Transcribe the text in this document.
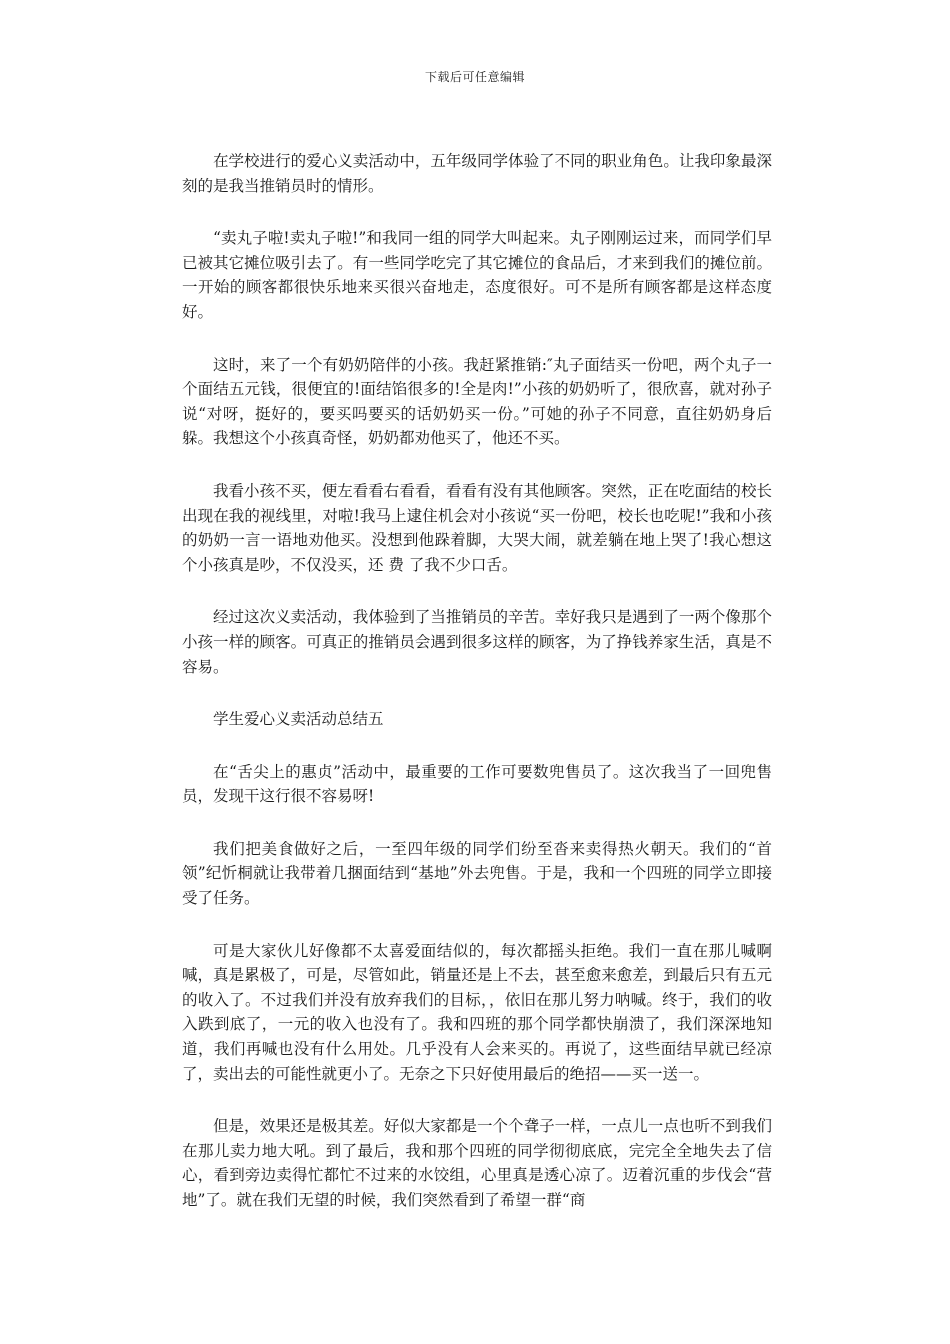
下载后可任意编辑

在学校进行的爱心义卖活动中，五年级同学体验了不同的职业角色。让我印象最深刻的是我当推销员时的情形。

“卖丸子啦!卖丸子啦!”和我同一组的同学大叫起来。丸子刚刚运过来，而同学们早已被其它摊位吸引去了。有一些同学吃完了其它摊位的食品后，才来到我们的摊位前。一开始的顾客都很快乐地来买很兴奋地走，态度很好。可不是所有顾客都是这样态度好。

这时，来了一个有奶奶陪伴的小孩。我赶紧推销:″丸子面结买一份吧，两个丸子一个面结五元钱，很便宜的!面结馅很多的!全是肉!”小孩的奶奶听了，很欣喜，就对孙子说“对呀，挺好的，要买吗要买的话奶奶买一份。”可她的孙子不同意，直往奶奶身后躲。我想这个小孩真奇怪，奶奶都劝他买了，他还不买。

我看小孩不买，便左看看右看看，看看有没有其他顾客。突然，正在吃面结的校长出现在我的视线里，对啦!我马上逮住机会对小孩说“买一份吧，校长也吃呢!”我和小孩的奶奶一言一语地劝他买。没想到他跺着脚，大哭大闹，就差躺在地上哭了!我心想这个小孩真是吵，不仅没买，还 费 了我不少口舌。

经过这次义卖活动，我体验到了当推销员的辛苦。幸好我只是遇到了一两个像那个小孩一样的顾客。可真正的推销员会遇到很多这样的顾客，为了挣钱养家生活，真是不容易。

学生爱心义卖活动总结五

在“舌尖上的惠贞”活动中，最重要的工作可要数兜售员了。这次我当了一回兜售员，发现干这行很不容易呀!

我们把美食做好之后，一至四年级的同学们纷至沓来卖得热火朝天。我们的“首领”纪忻桐就让我带着几捆面结到“基地”外去兜售。于是，我和一个四班的同学立即接受了任务。

可是大家伙儿好像都不太喜爱面结似的，每次都摇头拒绝。我们一直在那儿喊啊喊，真是累极了，可是，尽管如此，销量还是上不去，甚至愈来愈差，到最后只有五元的收入了。不过我们并没有放弃我们的目标，，依旧在那儿努力呐喊。终于，我们的收入跌到底了，一元的收入也没有了。我和四班的那个同学都快崩溃了，我们深深地知道，我们再喊也没有什么用处。几乎没有人会来买的。再说了，这些面结早就已经凉了，卖出去的可能性就更小了。无奈之下只好使用最后的绝招——买一送一。

但是，效果还是极其差。好似大家都是一个个聋子一样，一点儿一点也听不到我们在那儿卖力地大吼。到了最后，我和那个四班的同学彻彻底底，完完全全地失去了信心，看到旁边卖得忙都忙不过来的水饺组，心里真是透心凉了。迈着沉重的步伐会“营地”了。就在我们无望的时候，我们突然看到了希望一群“商
